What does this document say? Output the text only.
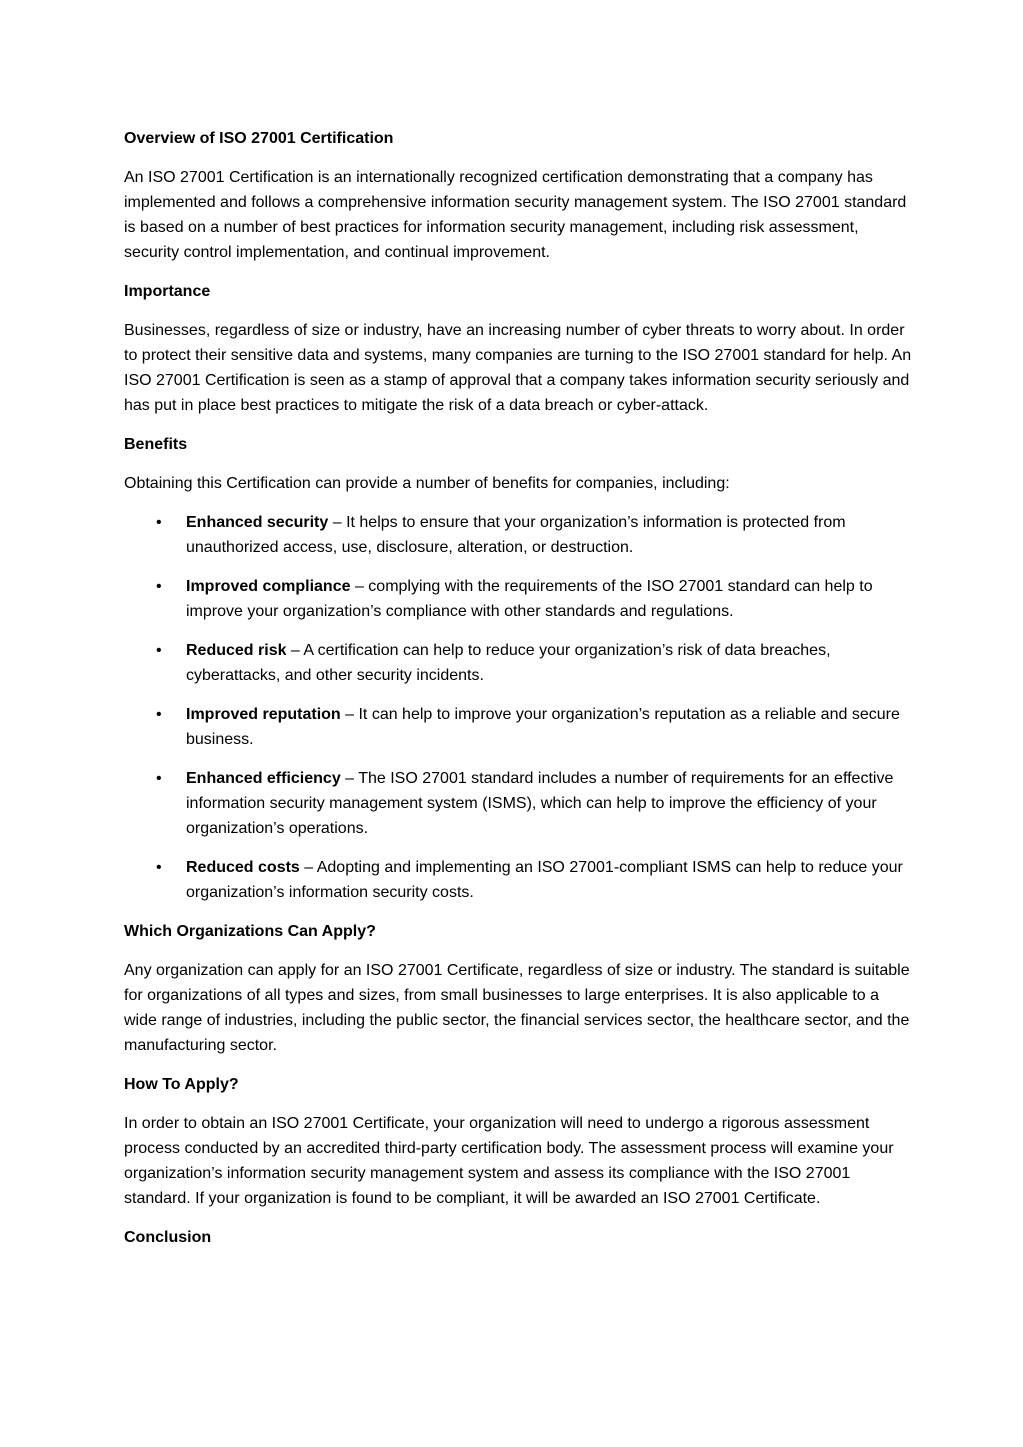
Overview of ISO 27001 Certification
An ISO 27001 Certification is an internationally recognized certification demonstrating that a company has implemented and follows a comprehensive information security management system. The ISO 27001 standard is based on a number of best practices for information security management, including risk assessment, security control implementation, and continual improvement.
Importance
Businesses, regardless of size or industry, have an increasing number of cyber threats to worry about. In order to protect their sensitive data and systems, many companies are turning to the ISO 27001 standard for help. An ISO 27001 Certification is seen as a stamp of approval that a company takes information security seriously and has put in place best practices to mitigate the risk of a data breach or cyber-attack.
Benefits
Obtaining this Certification can provide a number of benefits for companies, including:
• Enhanced security – It helps to ensure that your organization’s information is protected from unauthorized access, use, disclosure, alteration, or destruction.
• Improved compliance – complying with the requirements of the ISO 27001 standard can help to improve your organization’s compliance with other standards and regulations.
• Reduced risk – A certification can help to reduce your organization’s risk of data breaches, cyberattacks, and other security incidents.
• Improved reputation – It can help to improve your organization’s reputation as a reliable and secure business.
• Enhanced efficiency – The ISO 27001 standard includes a number of requirements for an effective information security management system (ISMS), which can help to improve the efficiency of your organization’s operations.
• Reduced costs – Adopting and implementing an ISO 27001-compliant ISMS can help to reduce your organization’s information security costs.
Which Organizations Can Apply?
Any organization can apply for an ISO 27001 Certificate, regardless of size or industry. The standard is suitable for organizations of all types and sizes, from small businesses to large enterprises. It is also applicable to a wide range of industries, including the public sector, the financial services sector, the healthcare sector, and the manufacturing sector.
How To Apply?
In order to obtain an ISO 27001 Certificate, your organization will need to undergo a rigorous assessment process conducted by an accredited third-party certification body. The assessment process will examine your organization’s information security management system and assess its compliance with the ISO 27001 standard. If your organization is found to be compliant, it will be awarded an ISO 27001 Certificate.
Conclusion
